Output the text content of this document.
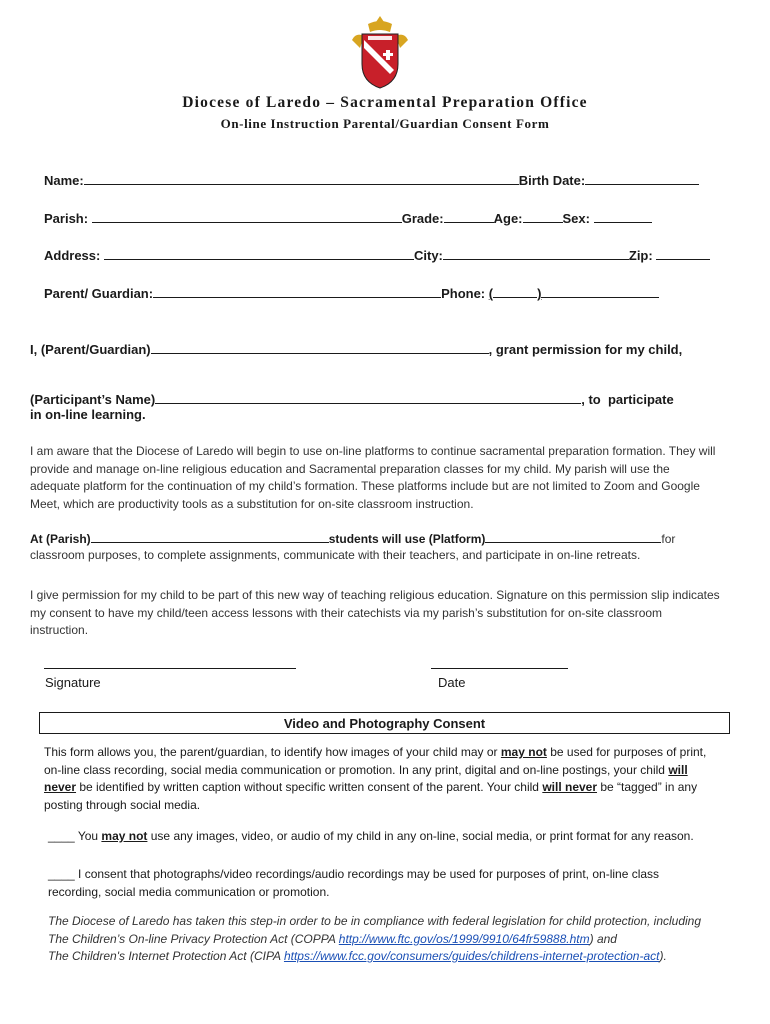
Diocese of Laredo – Sacramental Preparation Office
On-line Instruction Parental/Guardian Consent Form
Name:	Birth Date:
Parish:	Grade:	Age:	Sex:
Address:	City:	Zip:
Parent/ Guardian:	Phone: (	)
I, (Parent/Guardian)	, grant permission for my child,
(Participant’s Name)	, to  participate
in on-line learning.
I am aware that the Diocese of Laredo will begin to use on-line platforms to continue sacramental preparation formation. They will provide and manage on-line religious education and Sacramental preparation classes for my child. My parish will use the adequate platform for the continuation of my child’s formation. These platforms include but are not limited to Zoom and Google Meet, which are productivity tools as a substitution for on-site classroom instruction.
At (Parish)	students will use (Platform)	for
classroom purposes, to complete assignments, communicate with their teachers, and participate in on-line retreats.
I give permission for my child to be part of this new way of teaching religious education. Signature on this permission slip indicates my consent to have my child/teen access lessons with their catechists via my parish’s substitution for on-site classroom instruction.
Signature	Date
Video and Photography Consent
This form allows you, the parent/guardian, to identify how images of your child may or may not be used for purposes of print, on-line class recording, social media communication or promotion. In any print, digital and on-line postings, your child will never be identified by written caption without specific written consent of the parent. Your child will never be “tagged” in any posting through social media.
____ You may not use any images, video, or audio of my child in any on-line, social media, or print format for any reason.
____ I consent that photographs/video recordings/audio recordings may be used for purposes of print, on-line class recording, social media communication or promotion.
The Diocese of Laredo has taken this step-in order to be in compliance with federal legislation for child protection, including
The Children’s On-line Privacy Protection Act (COPPA http://www.ftc.gov/os/1999/9910/64fr59888.htm) and
The Children's Internet Protection Act (CIPA https://www.fcc.gov/consumers/guides/childrens-internet-protection-act).
